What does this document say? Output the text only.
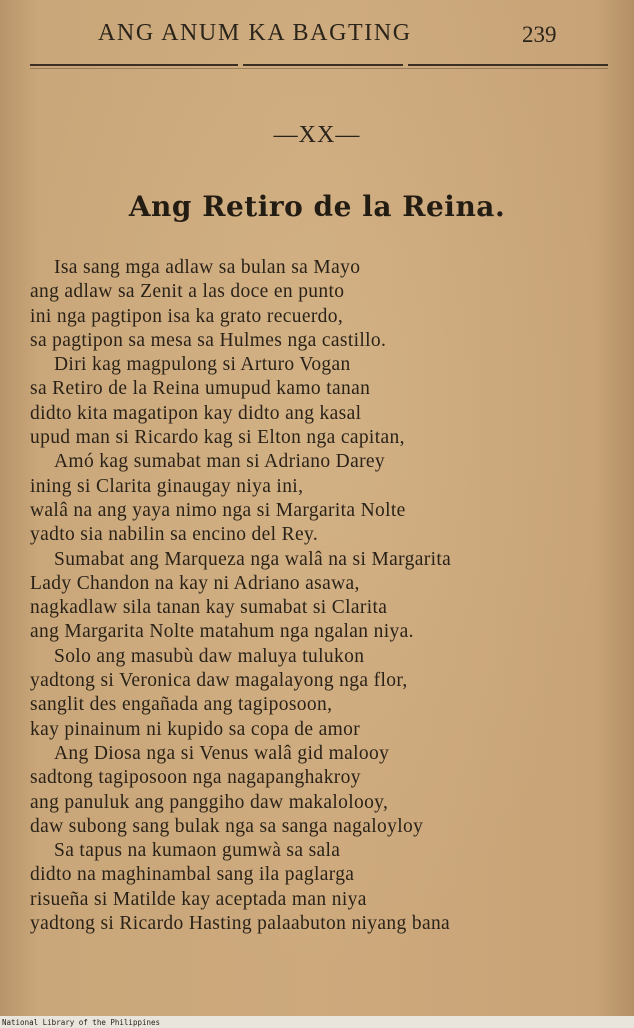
ANG ANUM KA BAGTING	239
—XX—
Ang Retiro de la Reina.
Isa sang mga adlaw sa bulan sa Mayo
ang adlaw sa Zenit a las doce en punto
ini nga pagtipon isa ka grato recuerdo,
sa pagtipon sa mesa sa Hulmes nga castillo.
Diri kag magpulong si Arturo Vogan
sa Retiro de la Reina umupud kamo tanan
didto kita magatipon kay didto ang kasal
upud man si Ricardo kag si Elton nga capitan,
Amó kag sumabat man si Adriano Darey
ining si Clarita ginaugay niya ini,
walâ na ang yaya nimo nga si Margarita Nolte
yadto sia nabilin sa encino del Rey.
Sumabat ang Marqueza nga walâ na si Margarita
Lady Chandon na kay ni Adriano asawa,
nagkadlaw sila tanan kay sumabat si Clarita
ang Margarita Nolte matahum nga ngalan niya.
Solo ang masubù daw maluya tulukon
yadtong si Veronica daw magalayong nga flor,
sanglit des engañada ang tagiposoon,
kay pinainum ni kupido sa copa de amor
Ang Diosa nga si Venus walâ gid malooy
sadtong tagiposoon nga nagapanghakroy
ang panuluk ang panggiho daw makalolooy,
daw subong sang bulak nga sa sanga nagaloyloy
Sa tapus na kumaon gumwà sa sala
didto na maghinambal sang ila paglarga
risueña si Matilde kay aceptada man niya
yadtong si Ricardo Hasting palaabuton niyang bana
National Library of the Philippines
